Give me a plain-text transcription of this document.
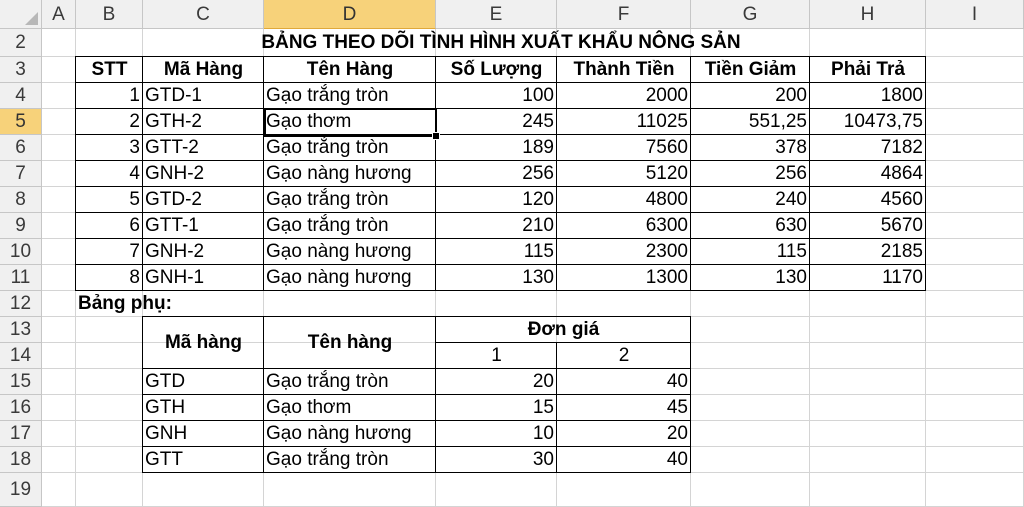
A	B	C	D	E	F	G	H	I
2
3
4
5
6
7
8
9
10
11
12
13
14
15
16
17
18
19
BẢNG THEO DÕI TÌNH HÌNH XUẤT KHẨU NÔNG SẢN
STT	Mã Hàng	Tên Hàng	Số Lượng	Thành Tiền	Tiền Giảm	Phải Trả
1 GTD-1	Gạo trắng tròn	100	2000	200	1800
2 GTH-2	Gạo thơm	245	11025	551,25	10473,75
3 GTT-2	Gạo trắng tròn	189	7560	378	7182
4 GNH-2	Gạo nàng hương	256	5120	256	4864
5 GTD-2	Gạo trắng tròn	120	4800	240	4560
6 GTT-1	Gạo trắng tròn	210	6300	630	5670
7 GNH-2	Gạo nàng hương	115	2300	115	2185
8 GNH-1	Gạo nàng hương	130	1300	130	1170
Bảng phụ:
Mã hàng	Tên hàng
Đơn giá
1	2
GTD	Gạo trắng tròn	20	40
GTH	Gạo thơm	15	45
GNH	Gạo nàng hương	10	20
GTT	Gạo trắng tròn	30	40
